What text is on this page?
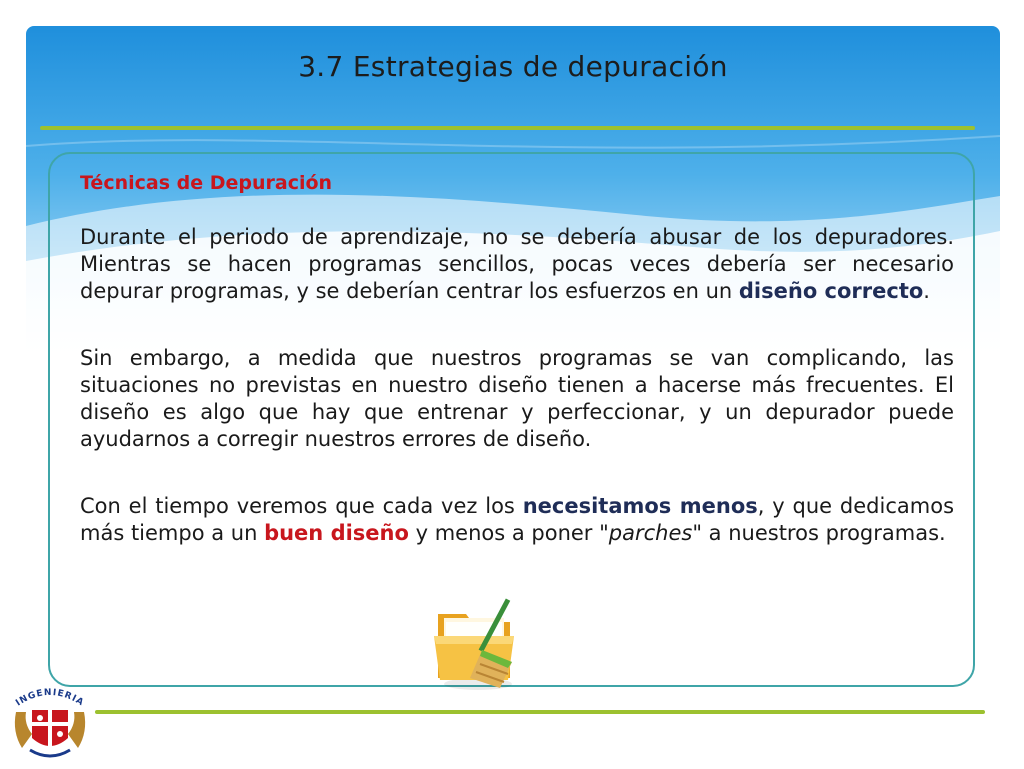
3.7 Estrategias de depuración
Técnicas de Depuración
Durante el periodo de aprendizaje, no se debería abusar de los depuradores. Mientras se hacen programas sencillos, pocas veces debería ser necesario depurar programas, y se deberían centrar los esfuerzos en un diseño correcto.
Sin embargo, a medida que nuestros programas se van complicando, las situaciones no previstas en nuestro diseño tienen a hacerse más frecuentes. El diseño es algo que hay que entrenar y perfeccionar, y un depurador puede ayudarnos a corregir nuestros errores de diseño.
Con el tiempo veremos que cada vez los necesitamos menos, y que dedicamos más tiempo a un buen diseño y menos a poner "parches" a nuestros programas.
INGENIERIA
